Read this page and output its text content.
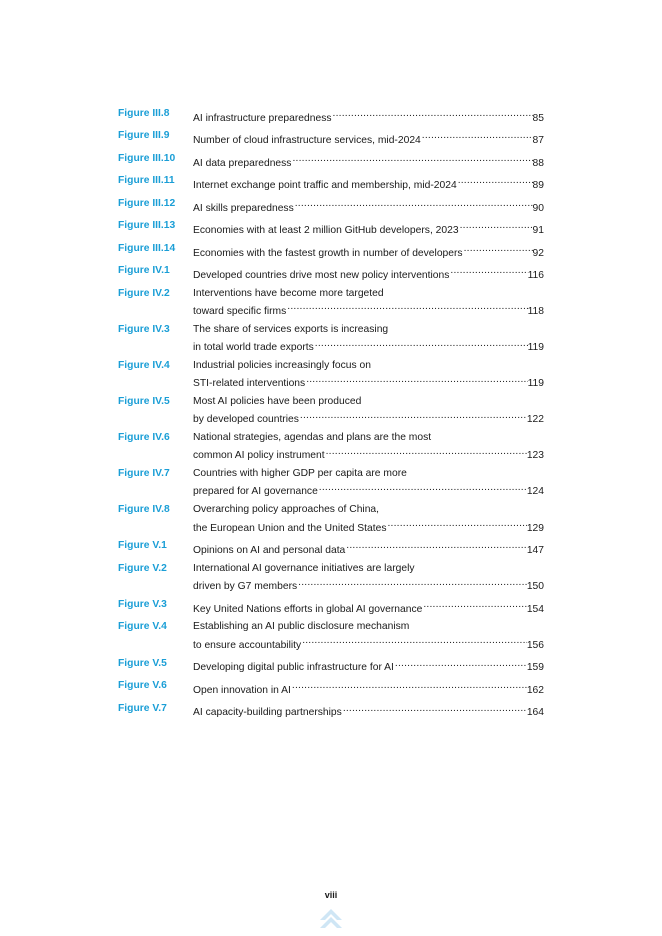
Figure III.8	AI infrastructure preparedness .....	85
Figure III.9	Number of cloud infrastructure services, mid-2024 .....	87
Figure III.10	AI data preparedness .....	88
Figure III.11	Internet exchange point traffic and membership, mid-2024 .....	89
Figure III.12	AI skills preparedness .....	90
Figure III.13	Economies with at least 2 million GitHub developers, 2023 .....	91
Figure III.14	Economies with the fastest growth in number of developers .....	92
Figure IV.1	Developed countries drive most new policy interventions .....	116
Figure IV.2	Interventions have become more targeted
toward specific firms .....	118
Figure IV.3	The share of services exports is increasing
in total world trade exports .....	119
Figure IV.4	Industrial policies increasingly focus on
STI-related interventions .....	119
Figure IV.5	Most AI policies have been produced
by developed countries .....	122
Figure IV.6	National strategies, agendas and plans are the most
common AI policy instrument .....	123
Figure IV.7	Countries with higher GDP per capita are more
prepared for AI governance .....	124
Figure IV.8	Overarching policy approaches of China,
the European Union and the United States .....	129
Figure V.1	Opinions on AI and personal data .....	147
Figure V.2	International AI governance initiatives are largely
driven by G7 members .....	150
Figure V.3	Key United Nations efforts in global AI governance .....	154
Figure V.4	Establishing an AI public disclosure mechanism
to ensure accountability .....	156
Figure V.5	Developing digital public infrastructure for AI .....	159
Figure V.6	Open innovation in AI .....	162
Figure V.7	AI capacity-building partnerships .....	164
viii
